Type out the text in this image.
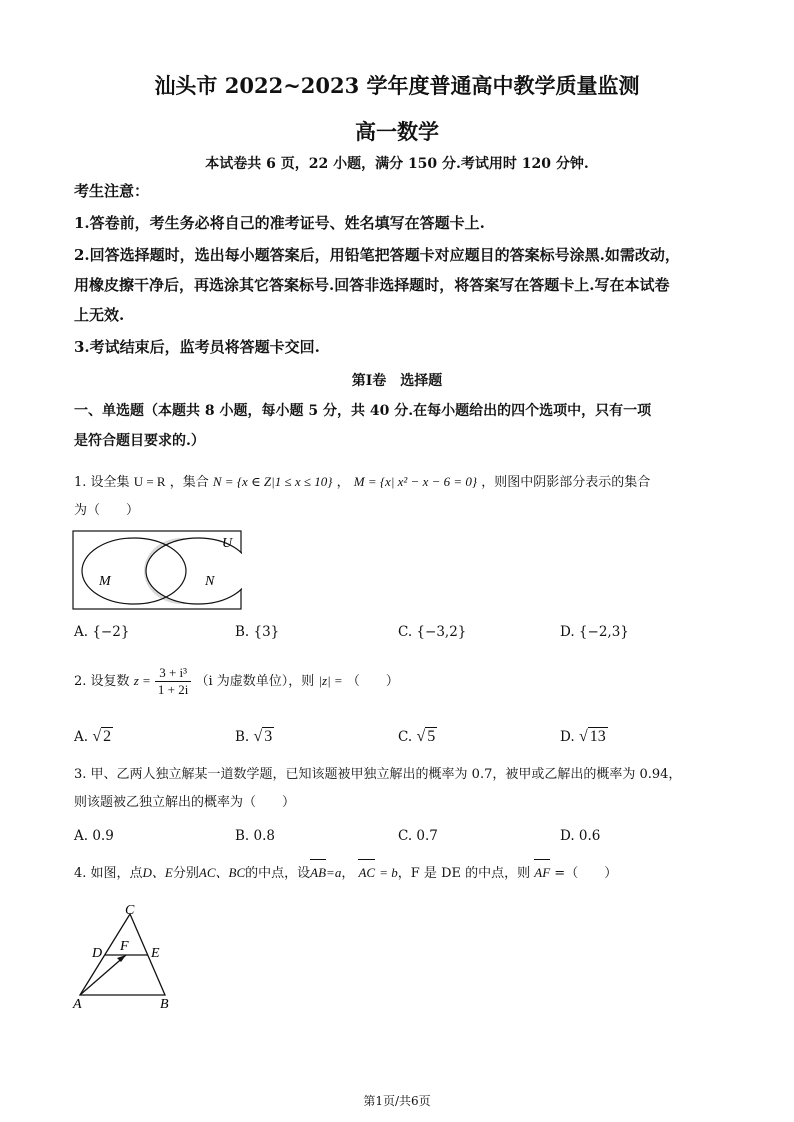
汕头市 2022~2023 学年度普通高中教学质量监测
高一数学
本试卷共 6 页，22 小题，满分 150 分.考试用时 120 分钟.
考生注意：
1.答卷前，考生务必将自己的准考证号、姓名填写在答题卡上.
2.回答选择题时，选出每小题答案后，用铅笔把答题卡对应题目的答案标号涂黑.如需改动，
用橡皮擦干净后，再选涂其它答案标号.回答非选择题时，将答案写在答题卡上.写在本试卷
上无效.
3.考试结束后，监考员将答题卡交回.
第Ⅰ卷　选择题
一、单选题（本题共 8 小题，每小题 5 分，共 40 分.在每小题给出的四个选项中，只有一项
是符合题目要求的.）
1. 设全集 U = R ，集合 N = {x ∈ Z|1 ≤ x ≤ 10} ， M = {x| x² − x − 6 = 0} ，则图中阴影部分表示的集合
为（　　）
U
M	N
A. {−2}	B. {3}	C. {−3,2}	D. {−2,3}
2. 设复数 $z = \frac{\text{3 + i³}}{1 + 2i} (i$ 为虚数单位），则 |z| = （　　）
A. √ 2	B. √ 3	C. √ 5	D. √ 13
3. 甲、乙两人独立解某一道数学题，已知该题被甲独立解出的概率为 0.7，被甲或乙解出的概率为 0.94，
则该题被乙独立解出的概率为（　　）
A. 0.9	B. 0.8	C. 0.7	D. 0.6
4. 如图，点D、E分别AC、BC的中点，设AB=a， AC = b，F 是 DE 的中点，则 AF =（　　）
C
D	E
F
A	B
第1页/共6页
